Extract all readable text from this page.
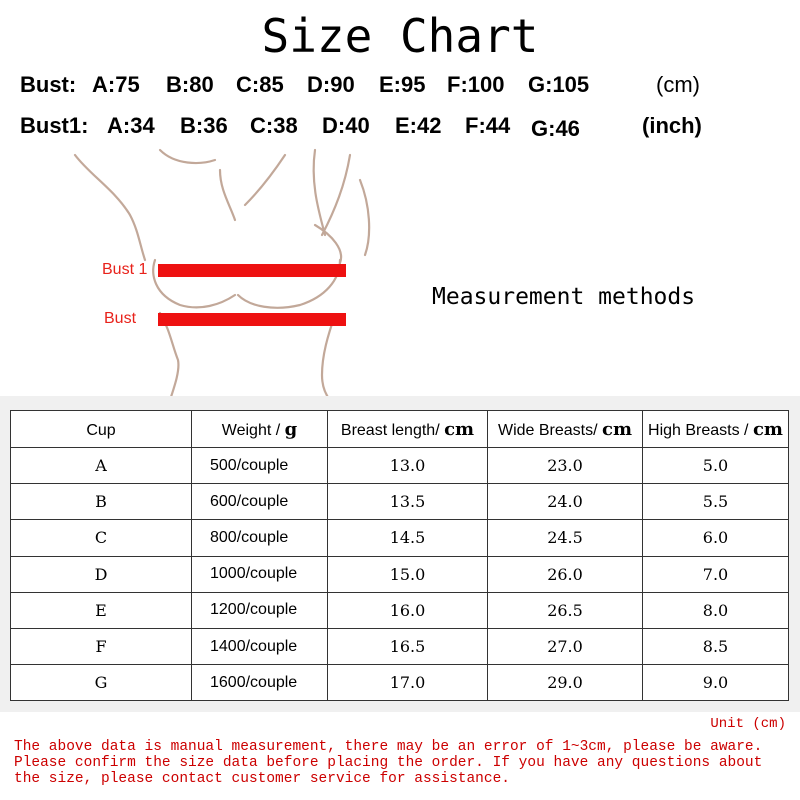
Size Chart
Bust: A:75 B:80 C:85 D:90 E:95 F:100 G:105	(cm)
Bust1: A:34 B:36 C:38 D:40 E:42 F:44 G:46	(inch)
Bust 1
Bust
Measurement methods
Cup	Weight / g	Breast length/ cm	Wide Breasts/ cm	High Breasts / cm
A	500/couple	13.0	23.0	5.0
B	600/couple	13.5	24.0	5.5
C	800/couple	14.5	24.5	6.0
D	1000/couple	15.0	26.0	7.0
E	1200/couple	16.0	26.5	8.0
F	1400/couple	16.5	27.0	8.5
G	1600/couple	17.0	29.0	9.0
Unit (cm)
The above data is manual measurement, there may be an error of 1~3cm, please be aware. Please confirm the size data before placing the order. If you have any questions about the size, please contact customer service for assistance.
